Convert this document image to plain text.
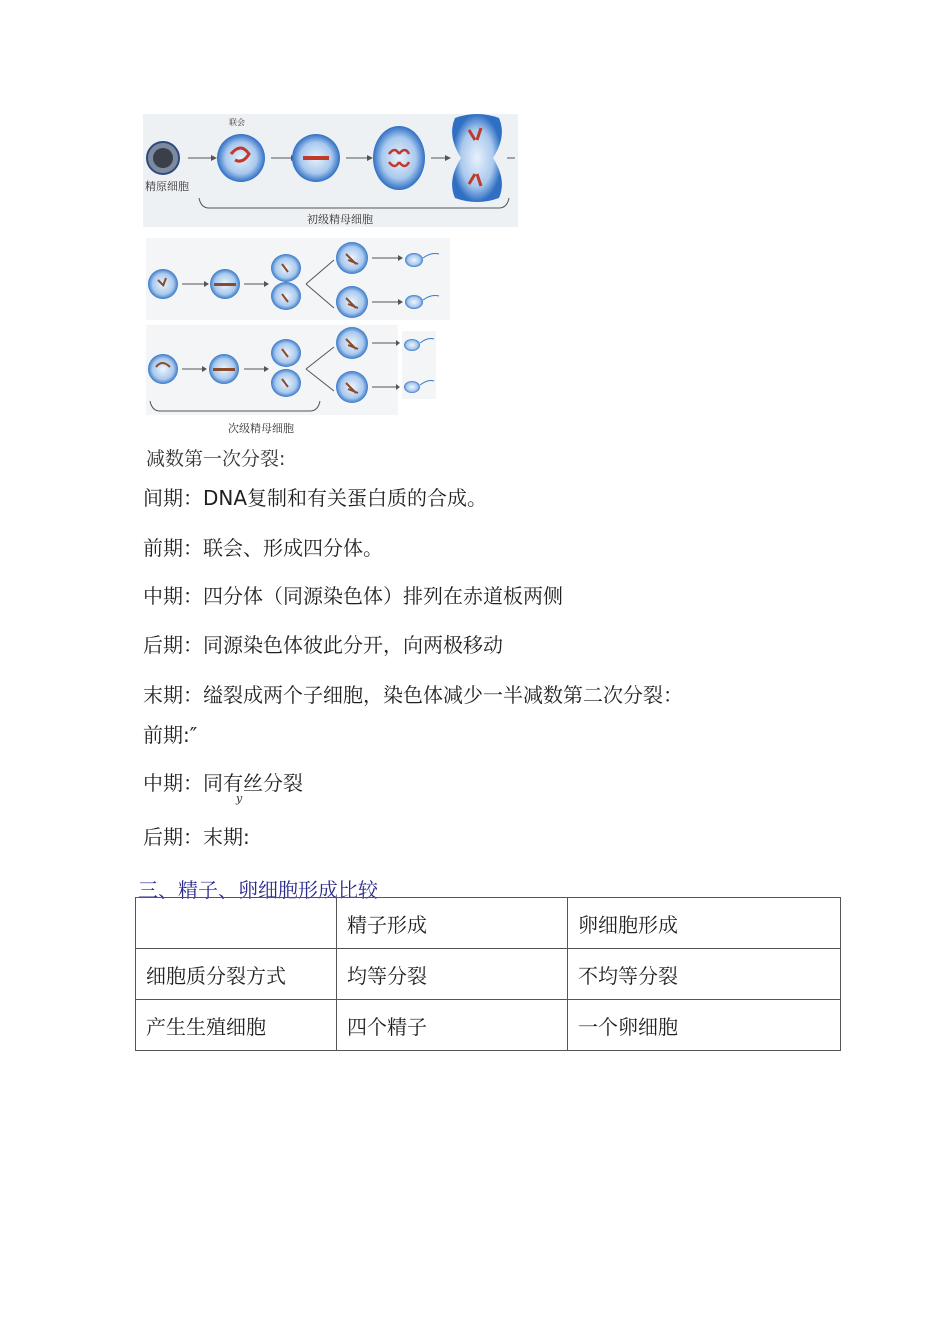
联会
精原细胞
初级精母细胞
次级精母细胞
减数第一次分裂:
间期：DNA复制和有关蛋白质的合成。
前期：联会、形成四分体。
中期：四分体（同源染色体）排列在赤道板两侧
后期：同源染色体彼此分开，向两极移动
末期：缢裂成两个子细胞，染色体减少一半减数第二次分裂：
前期:″
中期：同有丝分裂
y
后期：末期:
三、精子、卵细胞形成比较
	精子形成	卵细胞形成
细胞质分裂方式	均等分裂	不均等分裂
产生生殖细胞	四个精子	一个卵细胞
